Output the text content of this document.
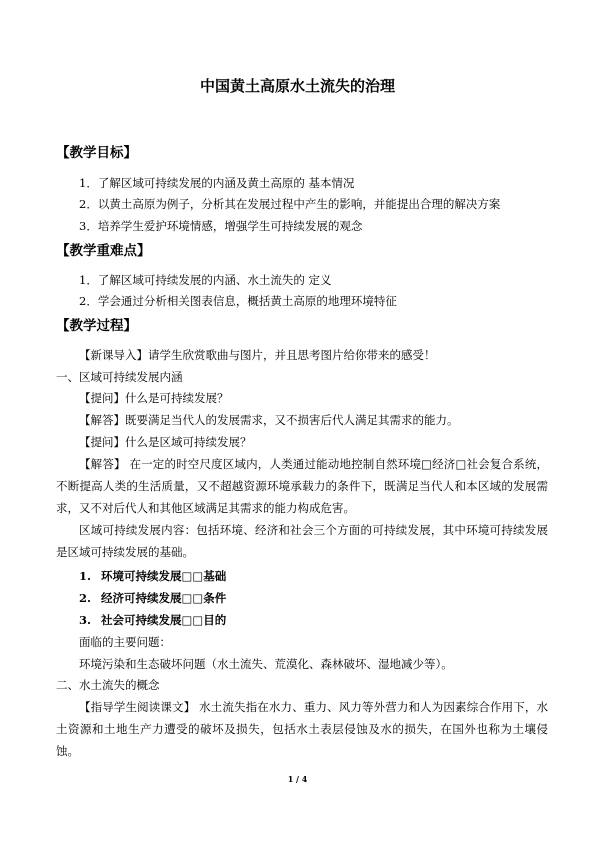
中国黄土高原水土流失的治理
【教学目标】
1．了解区域可持续发展的内涵及黄土高原的 基本情况
2．以黄土高原为例子，分析其在发展过程中产生的影响，并能提出合理的解决方案
3．培养学生爱护环境情感，增强学生可持续发展的观念
【教学重难点】
1．了解区域可持续发展的内涵、水土流失的 定义
2．学会通过分析相关图表信息，概括黄土高原的地理环境特征
【教学过程】
【新课导入】请学生欣赏歌曲与图片，并且思考图片给你带来的感受！
一、区域可持续发展内涵
【提问】什么是可持续发展？
【解答】既要满足当代人的发展需求，又不损害后代人满足其需求的能力。
【提问】什么是区域可持续发展？
【解答】 在一定的时空尺度区域内，人类通过能动地控制自然环境□经济□社会复合系统，不断提高人类的生活质量，又不超越资源环境承载力的条件下，既满足当代人和本区域的发展需求，又不对后代人和其他区域满足其需求的能力构成危害。
区域可持续发展内容：包括环境、经济和社会三个方面的可持续发展，其中环境可持续发展是区域可持续发展的基础。
1. 环境可持续发展□□基础
2. 经济可持续发展□□条件
3. 社会可持续发展□□目的
面临的主要问题：
环境污染和生态破坏问题（水土流失、荒漠化、森林破坏、湿地减少等）。
二、水土流失的概念
【指导学生阅读课文】 水土流失指在水力、重力、风力等外营力和人为因素综合作用下，水土资源和土地生产力遭受的破坏及损失，包括水土表层侵蚀及水的损失，在国外也称为土壤侵蚀。
1 / 4
